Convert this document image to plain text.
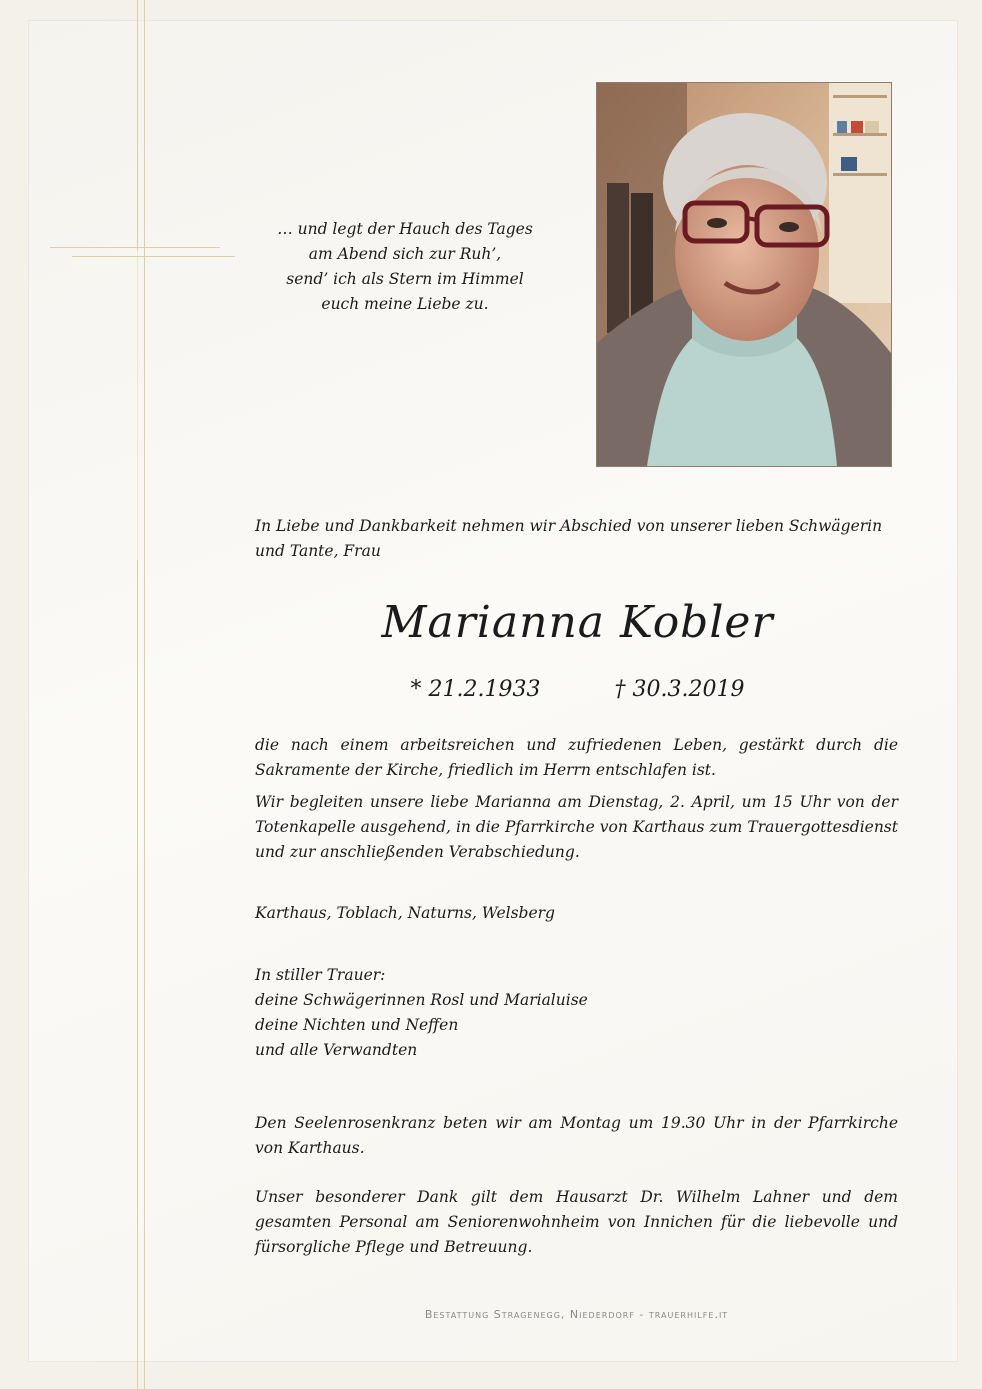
… und legt der Hauch des Tages
am Abend sich zur Ruh’,
send’ ich als Stern im Himmel
euch meine Liebe zu.
In Liebe und Dankbarkeit nehmen wir Abschied von unserer lieben Schwägerin und Tante, Frau
Marianna Kobler
* 21.2.1933	† 30.3.2019
die nach einem arbeitsreichen und zufriedenen Leben, gestärkt durch die Sakramente der Kirche, friedlich im Herrn entschlafen ist.
Wir begleiten unsere liebe Marianna am Dienstag, 2. April, um 15 Uhr von der Totenkapelle ausgehend, in die Pfarrkirche von Karthaus zum Trauergottesdienst und zur anschließenden Verabschiedung.
Karthaus, Toblach, Naturns, Welsberg
In stiller Trauer:
deine Schwägerinnen Rosl und Marialuise
deine Nichten und Neffen
und alle Verwandten
Den Seelenrosenkranz beten wir am Montag um 19.30 Uhr in der Pfarrkirche von Karthaus.
Unser besonderer Dank gilt dem Hausarzt Dr. Wilhelm Lahner und dem gesamten Personal am Seniorenwohnheim von Innichen für die liebevolle und fürsorgliche Pflege und Betreuung.
Bestattung Stragenegg, Niederdorf - trauerhilfe.it
